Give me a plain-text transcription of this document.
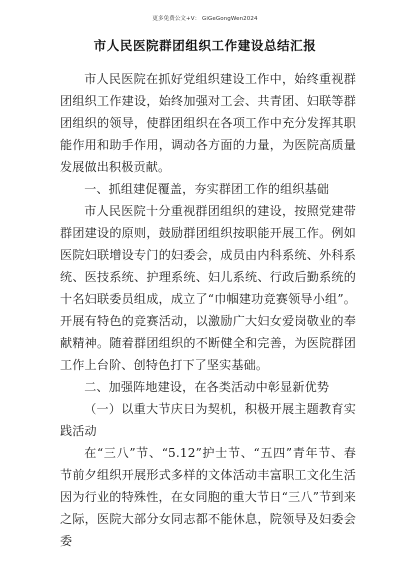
更多免费公文+V： GiGeGongWen2024
市人民医院群团组织工作建设总结汇报

市人民医院在抓好党组织建设工作中，始终重视群团组织工作建设，始终加强对工会、共青团、妇联等群团组织的领导，使群团组织在各项工作中充分发挥其职能作用和助手作用，调动各方面的力量，为医院高质量发展做出积极贡献。

一、抓组建促覆盖，夯实群团工作的组织基础

市人民医院十分重视群团组织的建设，按照党建带群团建设的原则，鼓励群团组织按职能开展工作。例如医院妇联增设专门的妇委会，成员由内科系统、外科系统、医技系统、护理系统、妇儿系统、行政后勤系统的十名妇联委员组成，成立了“巾帼建功竞赛领导小组”。开展有特色的竞赛活动，以激励广大妇女爱岗敬业的奉献精神。随着群团组织的不断健全和完善，为医院群团工作上台阶、创特色打下了坚实基础。

二、加强阵地建设，在各类活动中彰显新优势

（一）以重大节庆日为契机，积极开展主题教育实践活动

在“三八”节、“5.12”护士节、“五四”青年节、春节前夕组织开展形式多样的文体活动丰富职工文化生活因为行业的特殊性，在女同胞的重大节日“三八”节到来之际，医院大部分女同志都不能休息，院领导及妇委会委
